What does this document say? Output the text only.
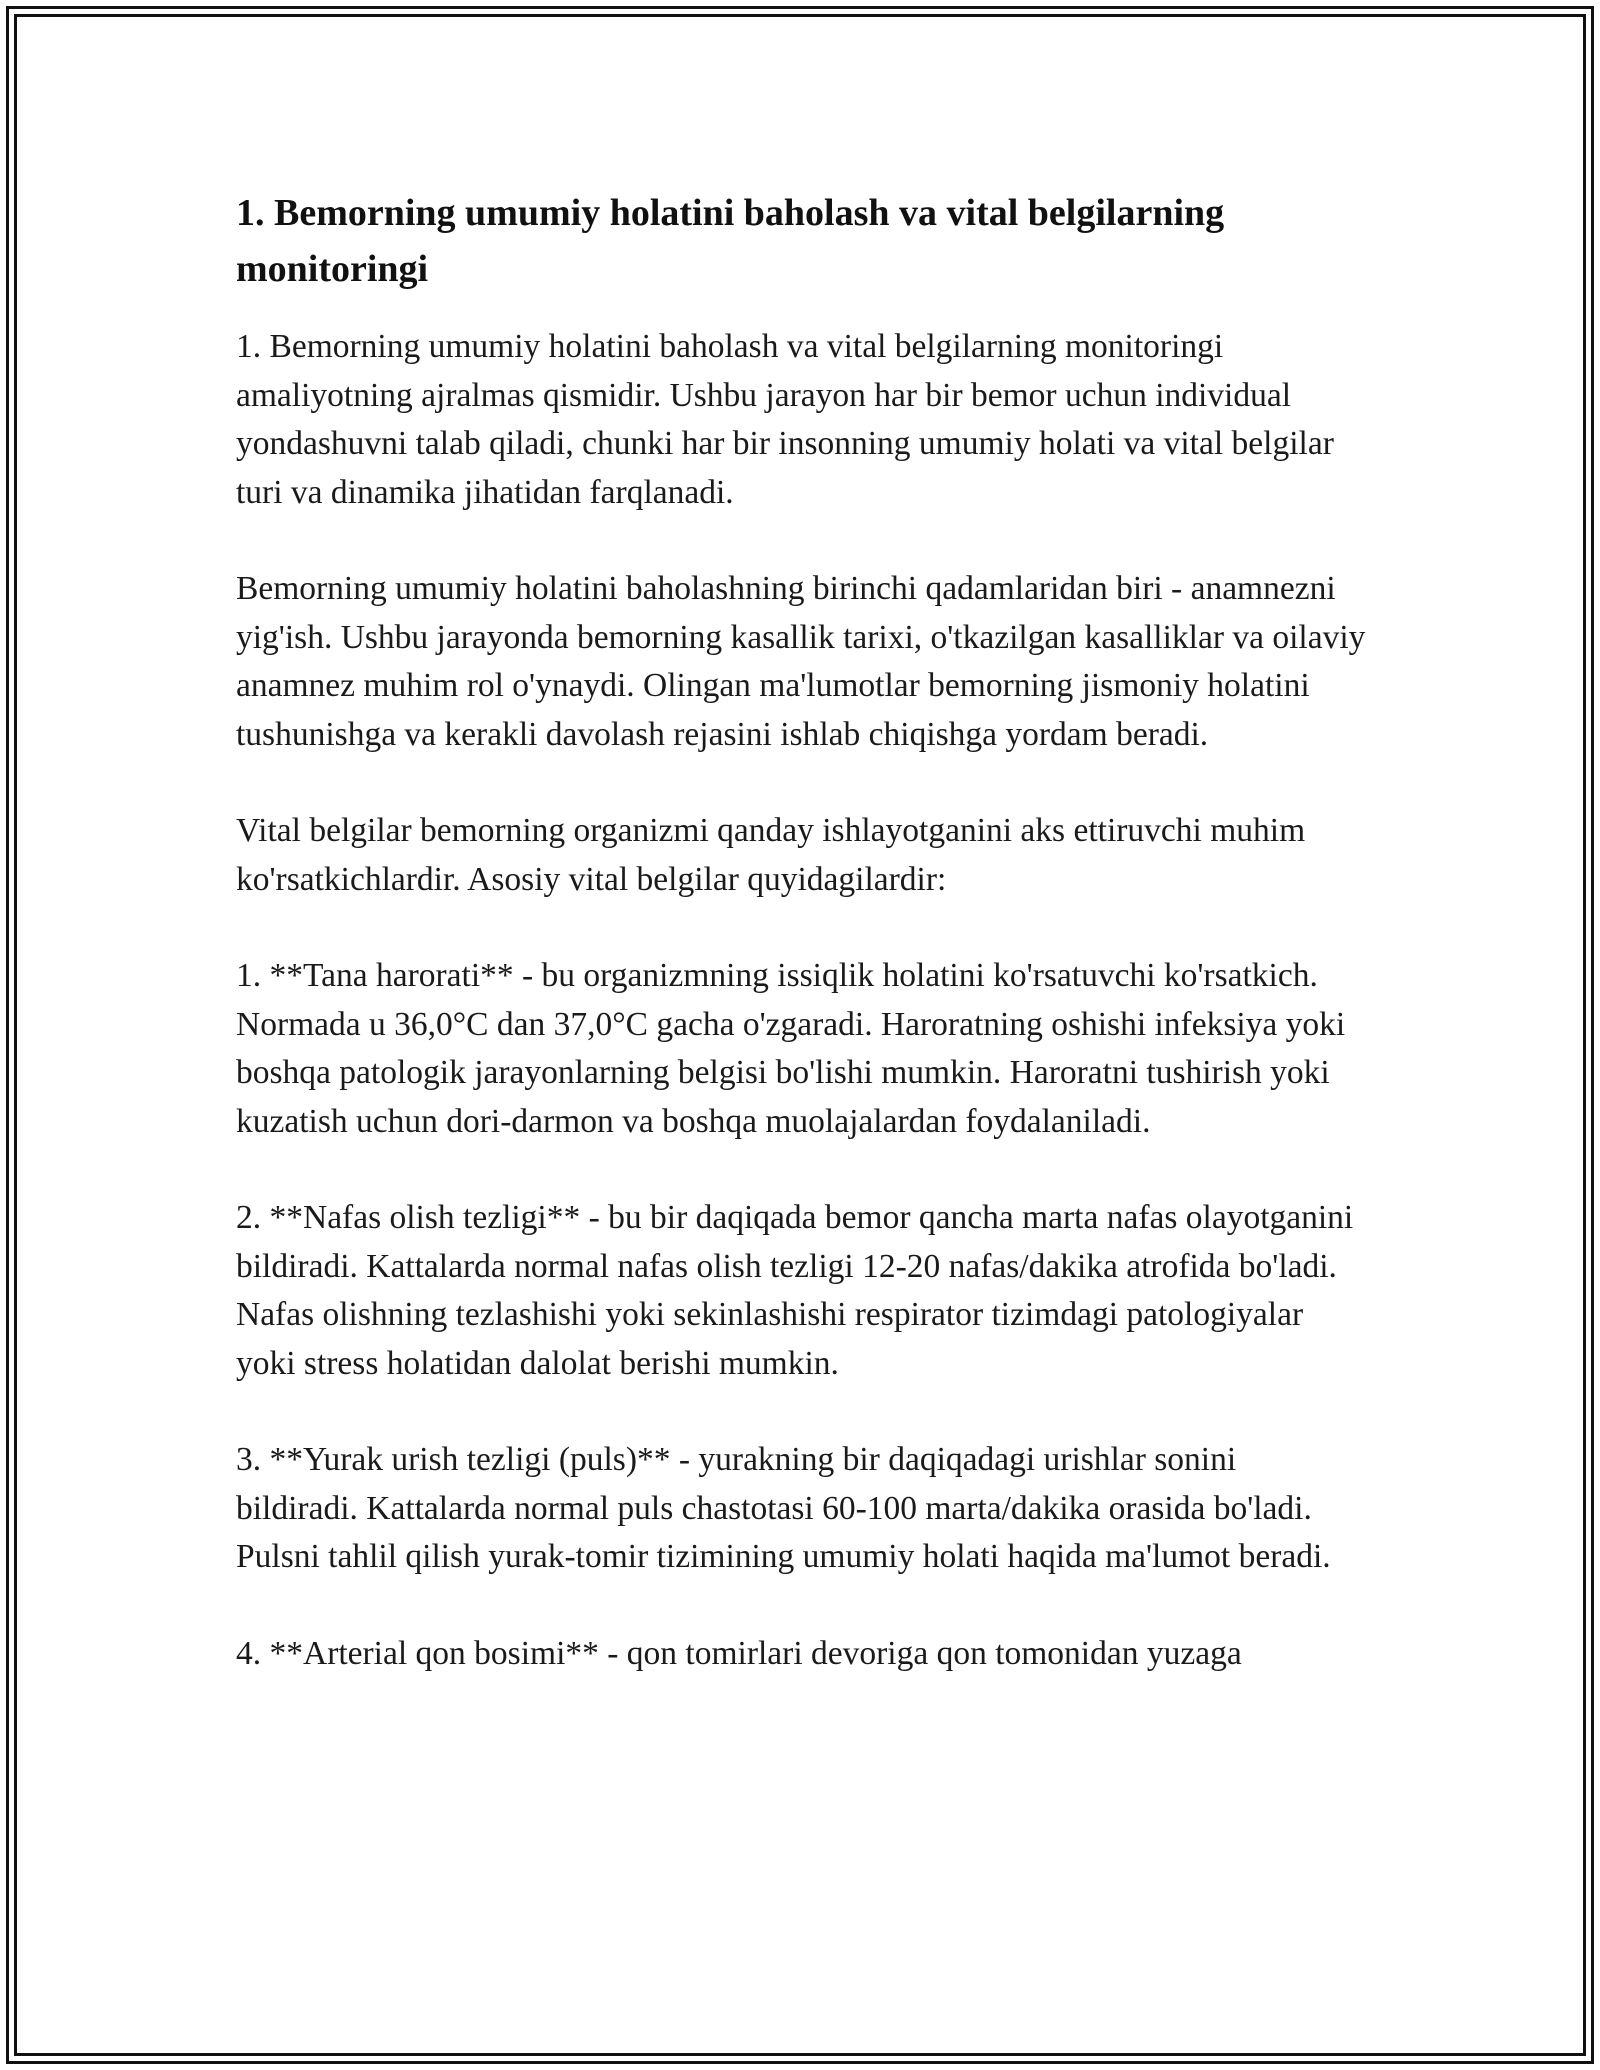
1. Bemorning umumiy holatini baholash va vital belgilarning monitoringi

1. Bemorning umumiy holatini baholash va vital belgilarning monitoringi amaliyotning ajralmas qismidir. Ushbu jarayon har bir bemor uchun individual yondashuvni talab qiladi, chunki har bir insonning umumiy holati va vital belgilar turi va dinamika jihatidan farqlanadi.

Bemorning umumiy holatini baholashning birinchi qadamlaridan biri - anamnezni yig'ish. Ushbu jarayonda bemorning kasallik tarixi, o'tkazilgan kasalliklar va oilaviy anamnez muhim rol o'ynaydi. Olingan ma'lumotlar bemorning jismoniy holatini tushunishga va kerakli davolash rejasini ishlab chiqishga yordam beradi.

Vital belgilar bemorning organizmi qanday ishlayotganini aks ettiruvchi muhim ko'rsatkichlardir. Asosiy vital belgilar quyidagilardir:

1. **Tana harorati** - bu organizmning issiqlik holatini ko'rsatuvchi ko'rsatkich. Normada u 36,0°C dan 37,0°C gacha o'zgaradi. Haroratning oshishi infeksiya yoki boshqa patologik jarayonlarning belgisi bo'lishi mumkin. Haroratni tushirish yoki kuzatish uchun dori-darmon va boshqa muolajalardan foydalaniladi.

2. **Nafas olish tezligi** - bu bir daqiqada bemor qancha marta nafas olayotganini bildiradi. Kattalarda normal nafas olish tezligi 12-20 nafas/dakika atrofida bo'ladi. Nafas olishning tezlashishi yoki sekinlashishi respirator tizimdagi patologiyalar yoki stress holatidan dalolat berishi mumkin.

3. **Yurak urish tezligi (puls)** - yurakning bir daqiqadagi urishlar sonini bildiradi. Kattalarda normal puls chastotasi 60-100 marta/dakika orasida bo'ladi. Pulsni tahlil qilish yurak-tomir tizimining umumiy holati haqida ma'lumot beradi.

4. **Arterial qon bosimi** - qon tomirlari devoriga qon tomonidan yuzaga
